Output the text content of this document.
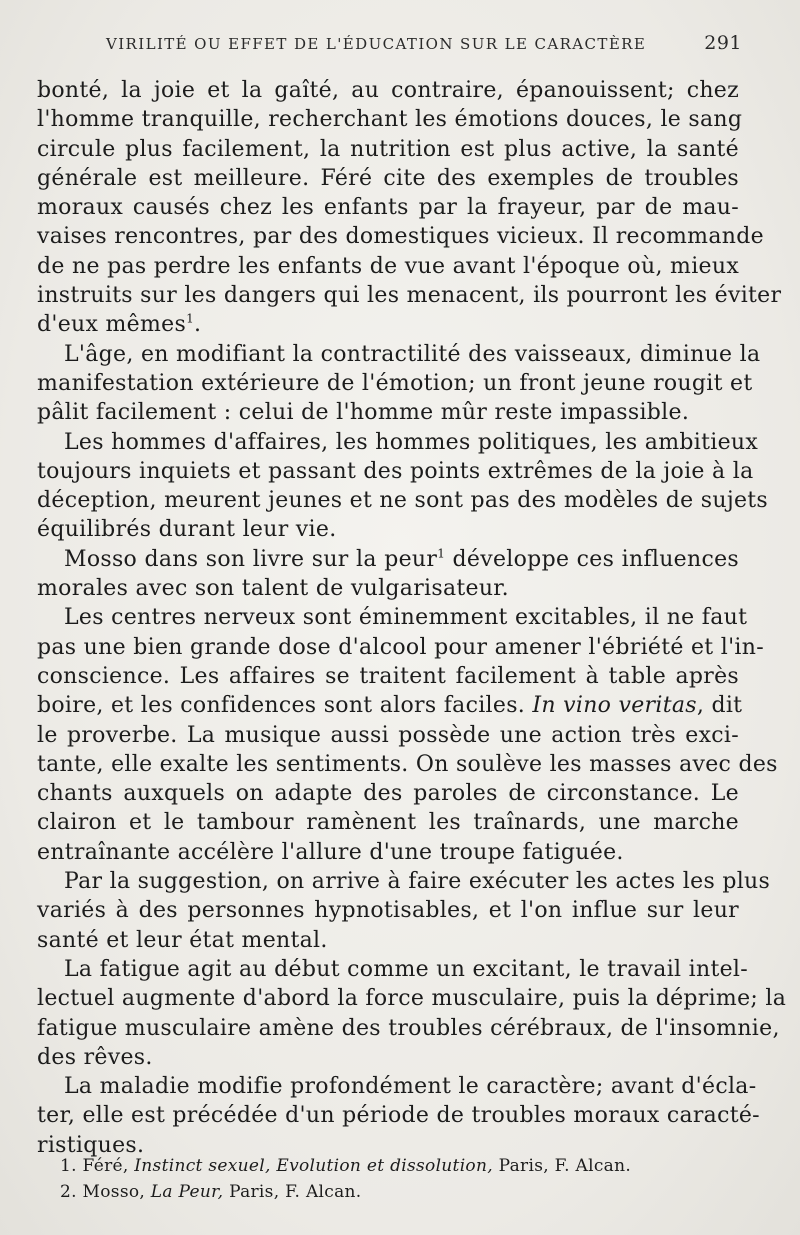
VIRILITÉ OU EFFET DE L'ÉDUCATION SUR LE CARACTÈRE	291
bonté, la joie et la gaîté, au contraire, épanouissent; chez
l'homme tranquille, recherchant les émotions douces, le sang
circule plus facilement, la nutrition est plus active, la santé
générale est meilleure. Féré cite des exemples de troubles
moraux causés chez les enfants par la frayeur, par de mau-
vaises rencontres, par des domestiques vicieux. Il recommande
de ne pas perdre les enfants de vue avant l'époque où, mieux
instruits sur les dangers qui les menacent, ils pourront les éviter
d'eux mêmes$^1$.
L'âge, en modifiant la contractilité des vaisseaux, diminue la
manifestation extérieure de l'émotion; un front jeune rougit et
pâlit facilement : celui de l'homme mûr reste impassible.
Les hommes d'affaires, les hommes politiques, les ambitieux
toujours inquiets et passant des points extrêmes de la joie à la
déception, meurent jeunes et ne sont pas des modèles de sujets
équilibrés durant leur vie.
Mosso dans son livre sur la peur$^1$ développe ces influences
morales avec son talent de vulgarisateur.
Les centres nerveux sont éminemment excitables, il ne faut
pas une bien grande dose d'alcool pour amener l'ébriété et l'in-
conscience. Les affaires se traitent facilement à table après
boire, et les confidences sont alors faciles. In vino veritas, dit
le proverbe. La musique aussi possède une action très exci-
tante, elle exalte les sentiments. On soulève les masses avec des
chants auxquels on adapte des paroles de circonstance. Le
clairon et le tambour ramènent les traînards, une marche
entraînante accélère l'allure d'une troupe fatiguée.
Par la suggestion, on arrive à faire exécuter les actes les plus
variés à des personnes hypnotisables, et l'on influe sur leur
santé et leur état mental.
La fatigue agit au début comme un excitant, le travail intel-
lectuel augmente d'abord la force musculaire, puis la déprime; la
fatigue musculaire amène des troubles cérébraux, de l'insomnie,
des rêves.
La maladie modifie profondément le caractère; avant d'écla-
ter, elle est précédée d'un période de troubles moraux caracté-
ristiques.
1. Féré, Instinct sexuel, Evolution et dissolution, Paris, F. Alcan.
2. Mosso, La Peur, Paris, F. Alcan.
